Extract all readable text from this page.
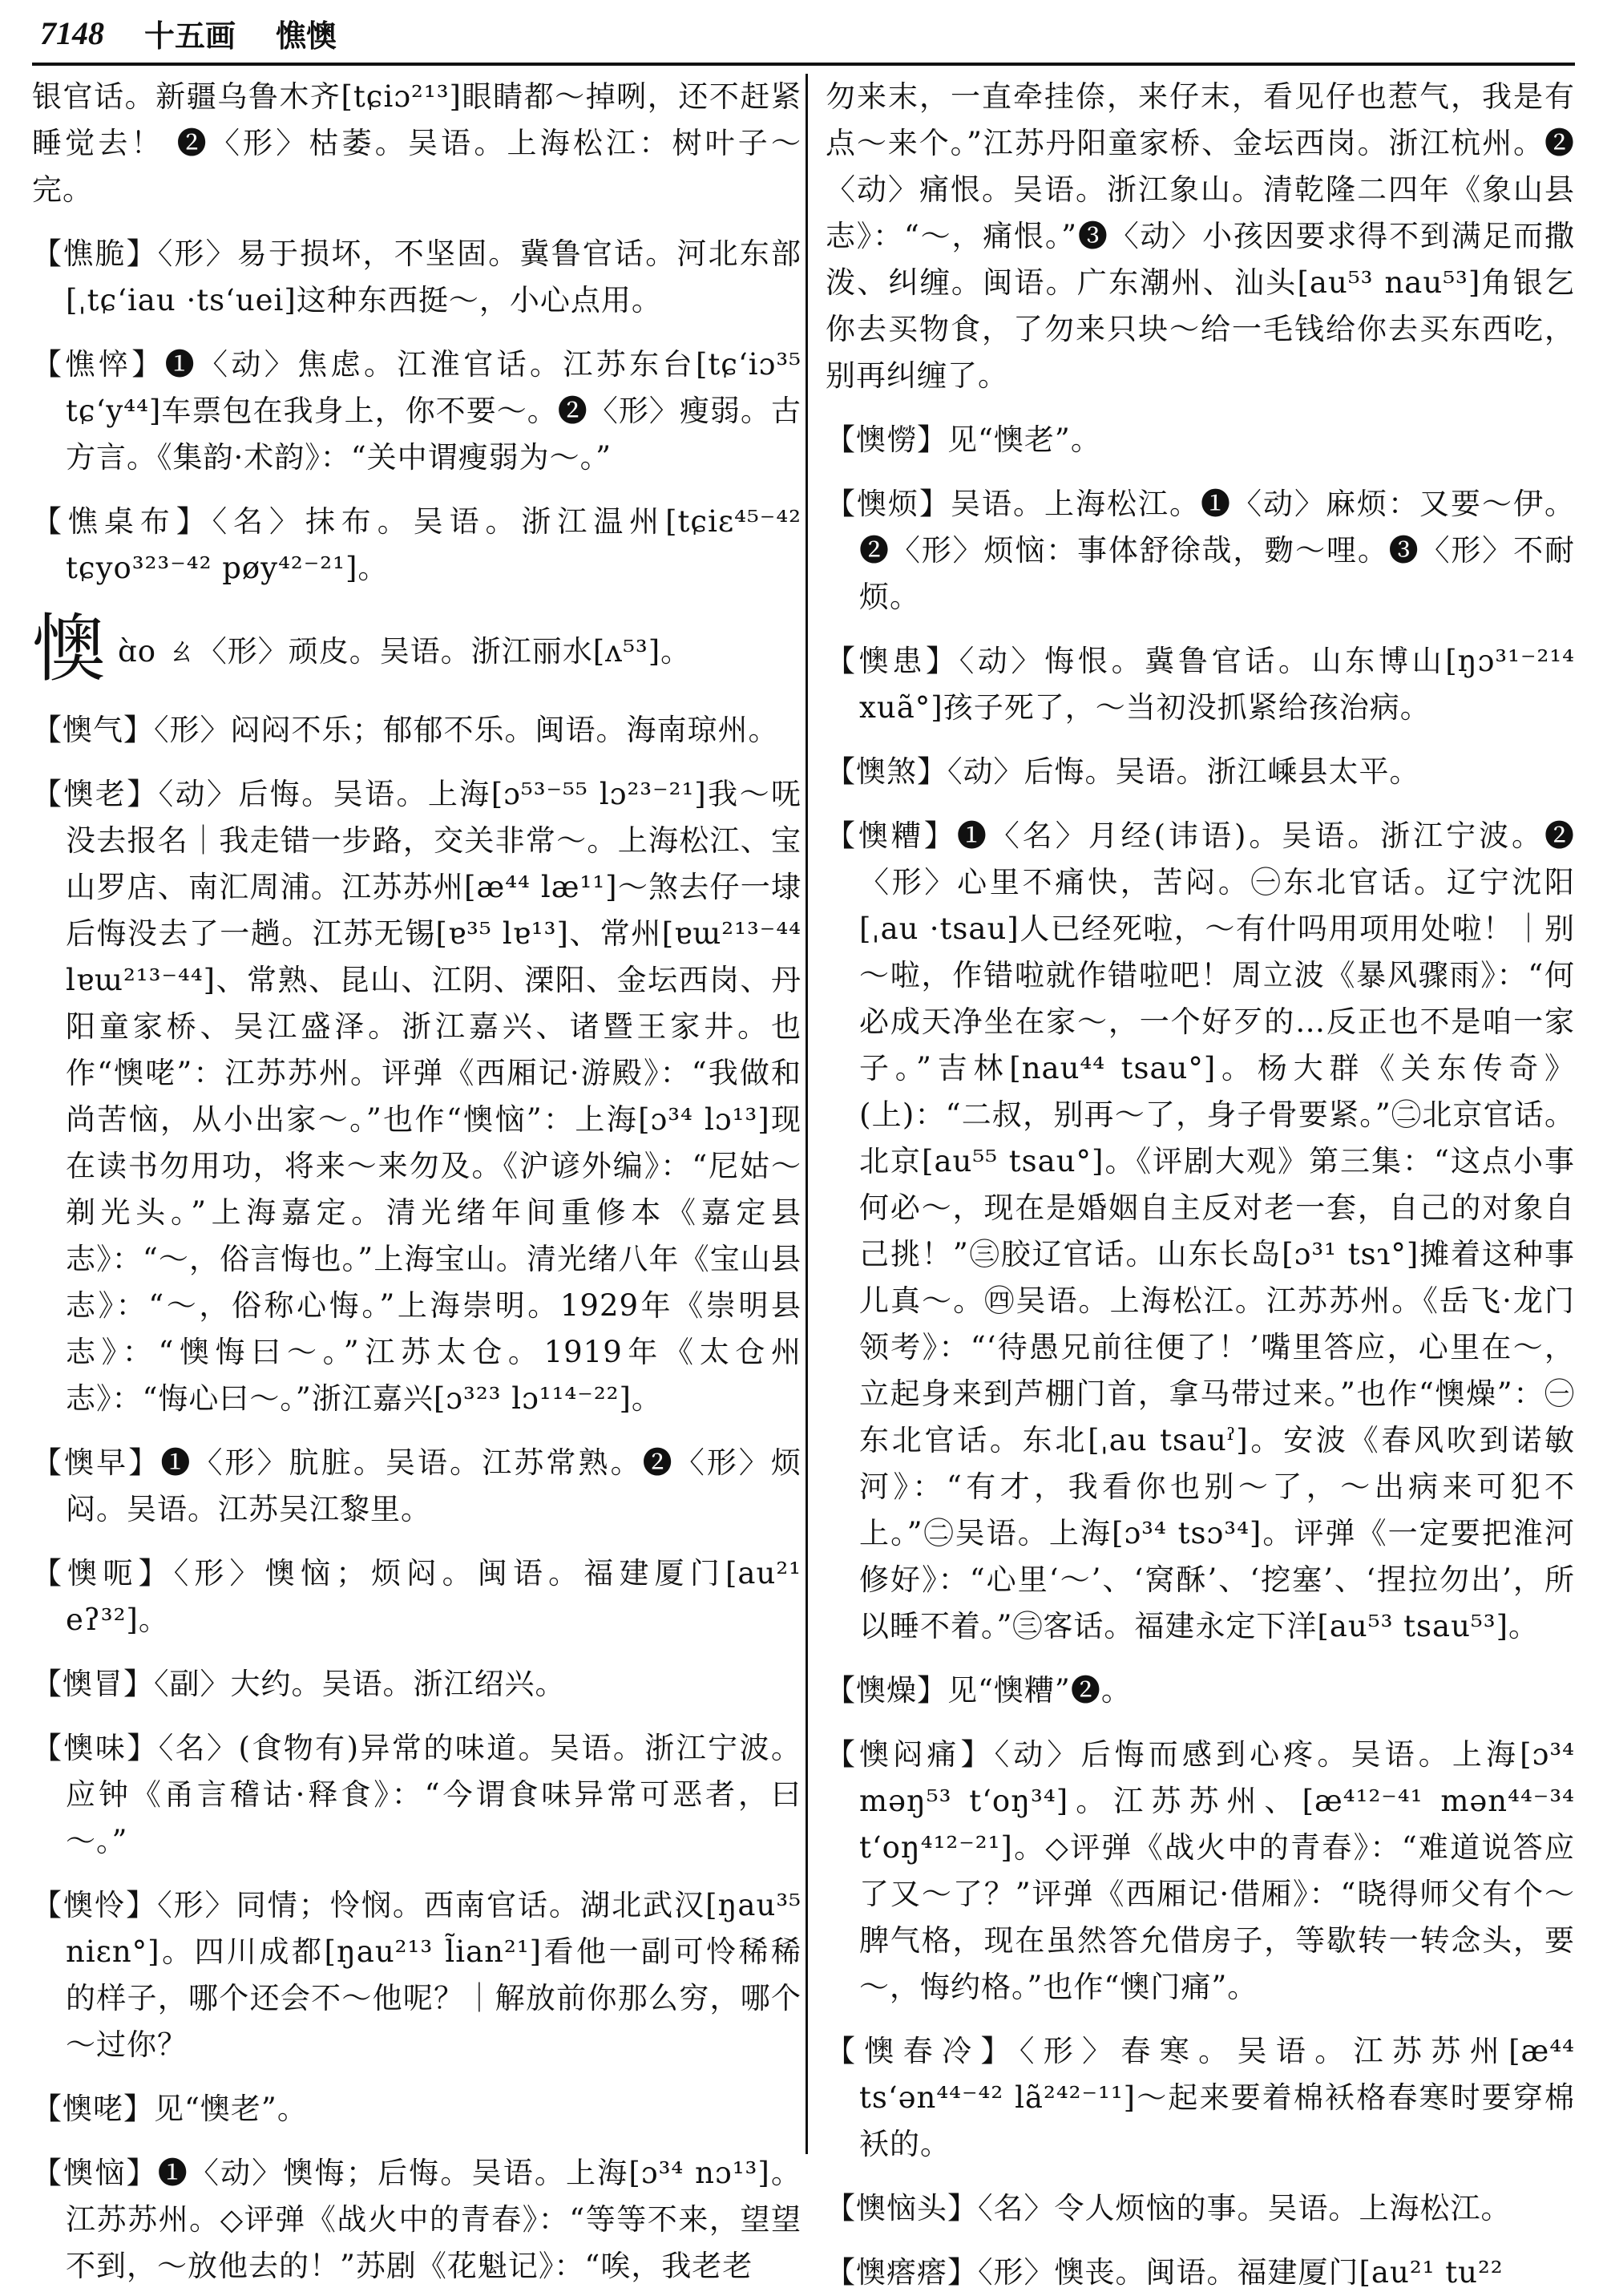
7148 十五画 憔懊

银官话。新疆乌鲁木齐[tɕiɔ²¹³]眼睛都～掉咧，还不赶紧睡觉去！ ❷〈形〉枯萎。吴语。上海松江：树叶子～完。

【憔脆】〈形〉易于损坏，不坚固。冀鲁官话。河北东部[ˌtɕʻiau ·tsʻuei]这种东西挺～，小心点用。

【憔悴】❶〈动〉焦虑。江淮官话。江苏东台[tɕʻiɔ³⁵ tɕʻy⁴⁴]车票包在我身上，你不要～。❷〈形〉瘦弱。古方言。《集韵·术韵》：“关中谓瘦弱为～。”

【憔桌布】〈名〉抹布。吴语。浙江温州[tɕiɛ⁴⁵⁻⁴² tɕyo³²³⁻⁴² pøy⁴²⁻²¹]。

懊ɑ̀o ㄠ〈形〉顽皮。吴语。浙江丽水[ʌ⁵³]。

【懊气】〈形〉闷闷不乐；郁郁不乐。闽语。海南琼州。

【懊老】〈动〉后悔。吴语。上海[ɔ⁵³⁻⁵⁵ lɔ²³⁻²¹]我～呒没去报名｜我走错一步路，交关非常～。上海松江、宝山罗店、南汇周浦。江苏苏州[æ⁴⁴ læ¹¹]～煞去仔一埭后悔没去了一趟。江苏无锡[ɐ³⁵ lɐ¹³]、常州[ɐɯ²¹³⁻⁴⁴ lɐɯ²¹³⁻⁴⁴]、常熟、昆山、江阴、溧阳、金坛西岗、丹阳童家桥、吴江盛泽。浙江嘉兴、诸暨王家井。也作“懊咾”：江苏苏州。评弹《西厢记·游殿》：“我做和尚苦恼，从小出家～。”也作“懊恼”：上海[ɔ³⁴ lɔ¹³]现在读书勿用功，将来～来勿及。《沪谚外编》：“尼姑～剃光头。”上海嘉定。清光绪年间重修本《嘉定县志》：“～，俗言悔也。”上海宝山。清光绪八年《宝山县志》：“～，俗称心悔。”上海崇明。1929年《崇明县志》：“懊悔曰～。”江苏太仓。1919年《太仓州志》：“悔心曰～。”浙江嘉兴[ɔ³²³ lɔ¹¹⁴⁻²²]。

【懊早】❶〈形〉肮脏。吴语。江苏常熟。❷〈形〉烦闷。吴语。江苏吴江黎里。

【懊呃】〈形〉懊恼；烦闷。闽语。福建厦门[au²¹ eʔ³²]。

【懊冒】〈副〉大约。吴语。浙江绍兴。

【懊味】〈名〉(食物有)异常的味道。吴语。浙江宁波。应钟《甬言稽诂·释食》：“今谓食味异常可恶者，曰～。”

【懊怜】〈形〉同情；怜悯。西南官话。湖北武汉[ŋau³⁵ niɛn°]。四川成都[ŋau²¹³ l̃ian²¹]看他一副可怜稀稀的样子，哪个还会不～他呢？｜解放前你那么穷，哪个～过你？

【懊咾】见“懊老”。

【懊恼】❶〈动〉懊悔；后悔。吴语。上海[ɔ³⁴ nɔ¹³]。江苏苏州。◇评弹《战火中的青春》：“等等不来，望望不到，～放他去的！”苏剧《花魁记》：“唉，我老老

勿来末，一直牵挂倷，来仔末，看见仔也惹气，我是有点～来个。”江苏丹阳童家桥、金坛西岗。浙江杭州。❷〈动〉痛恨。吴语。浙江象山。清乾隆二四年《象山县志》：“～，痛恨。”❸〈动〉小孩因要求得不到满足而撒泼、纠缠。闽语。广东潮州、汕头[au⁵³ nau⁵³]角银乞你去买物食，了勿来只块～给一毛钱给你去买东西吃，别再纠缠了。

【懊憦】见“懊老”。

【懊烦】吴语。上海松江。❶〈动〉麻烦：又要～伊。❷〈形〉烦恼：事体舒徐哉，覅～哩。❸〈形〉不耐烦。

【懊患】〈动〉悔恨。冀鲁官话。山东博山[ŋɔ³¹⁻²¹⁴ xuã°]孩子死了，～当初没抓紧给孩治病。

【懊煞】〈动〉后悔。吴语。浙江嵊县太平。

【懊糟】❶〈名〉月经(讳语)。吴语。浙江宁波。❷〈形〉心里不痛快，苦闷。㊀东北官话。辽宁沈阳[ˌau ·tsau]人已经死啦，～有什吗用项用处啦！｜别～啦，作错啦就作错啦吧！周立波《暴风骤雨》：“何必成天净坐在家～，一个好歹的…反正也不是咱一家子。”吉林[nau⁴⁴ tsau°]。杨大群《关东传奇》(上)：“二叔，别再～了，身子骨要紧。”㊁北京官话。北京[au⁵⁵ tsau°]。《评剧大观》第三集：“这点小事何必～，现在是婚姻自主反对老一套，自己的对象自己挑！”㊂胶辽官话。山东长岛[ɔ³¹ tsɿ°]摊着这种事儿真～。㊃吴语。上海松江。江苏苏州。《岳飞·龙门领考》：“‘待愚兄前往便了！’嘴里答应，心里在～，立起身来到芦棚门首，拿马带过来。”也作“懊燥”：㊀东北官话。东北[ˌau tsauˀ]。安波《春风吹到诺敏河》：“有才，我看你也别～了，～出病来可犯不上。”㊁吴语。上海[ɔ³⁴ tsɔ³⁴]。评弹《一定要把淮河修好》：“心里‘～’、‘窝酥’、‘挖塞’、‘捏拉勿出’，所以睡不着。”㊂客话。福建永定下洋[au⁵³ tsau⁵³]。

【懊燥】见“懊糟”❷。

【懊闷痛】〈动〉后悔而感到心疼。吴语。上海[ɔ³⁴ məŋ⁵³ tʻoŋ³⁴]。江苏苏州、[æ⁴¹²⁻⁴¹ mən⁴⁴⁻³⁴ tʻoŋ⁴¹²⁻²¹]。◇评弹《战火中的青春》：“难道说答应了又～了？”评弹《西厢记·借厢》：“晓得师父有个～脾气格，现在虽然答允借房子，等歇转一转念头，要～，悔约格。”也作“懊门痛”。

【懊春冷】〈形〉春寒。吴语。江苏苏州[æ⁴⁴ tsʻən⁴⁴⁻⁴² lã²⁴²⁻¹¹]～起来要着棉袄格春寒时要穿棉袄的。

【懊恼头】〈名〉令人烦恼的事。吴语。上海松江。

【懊瘩瘩】〈形〉懊丧。闽语。福建厦门[au²¹ tu²²
